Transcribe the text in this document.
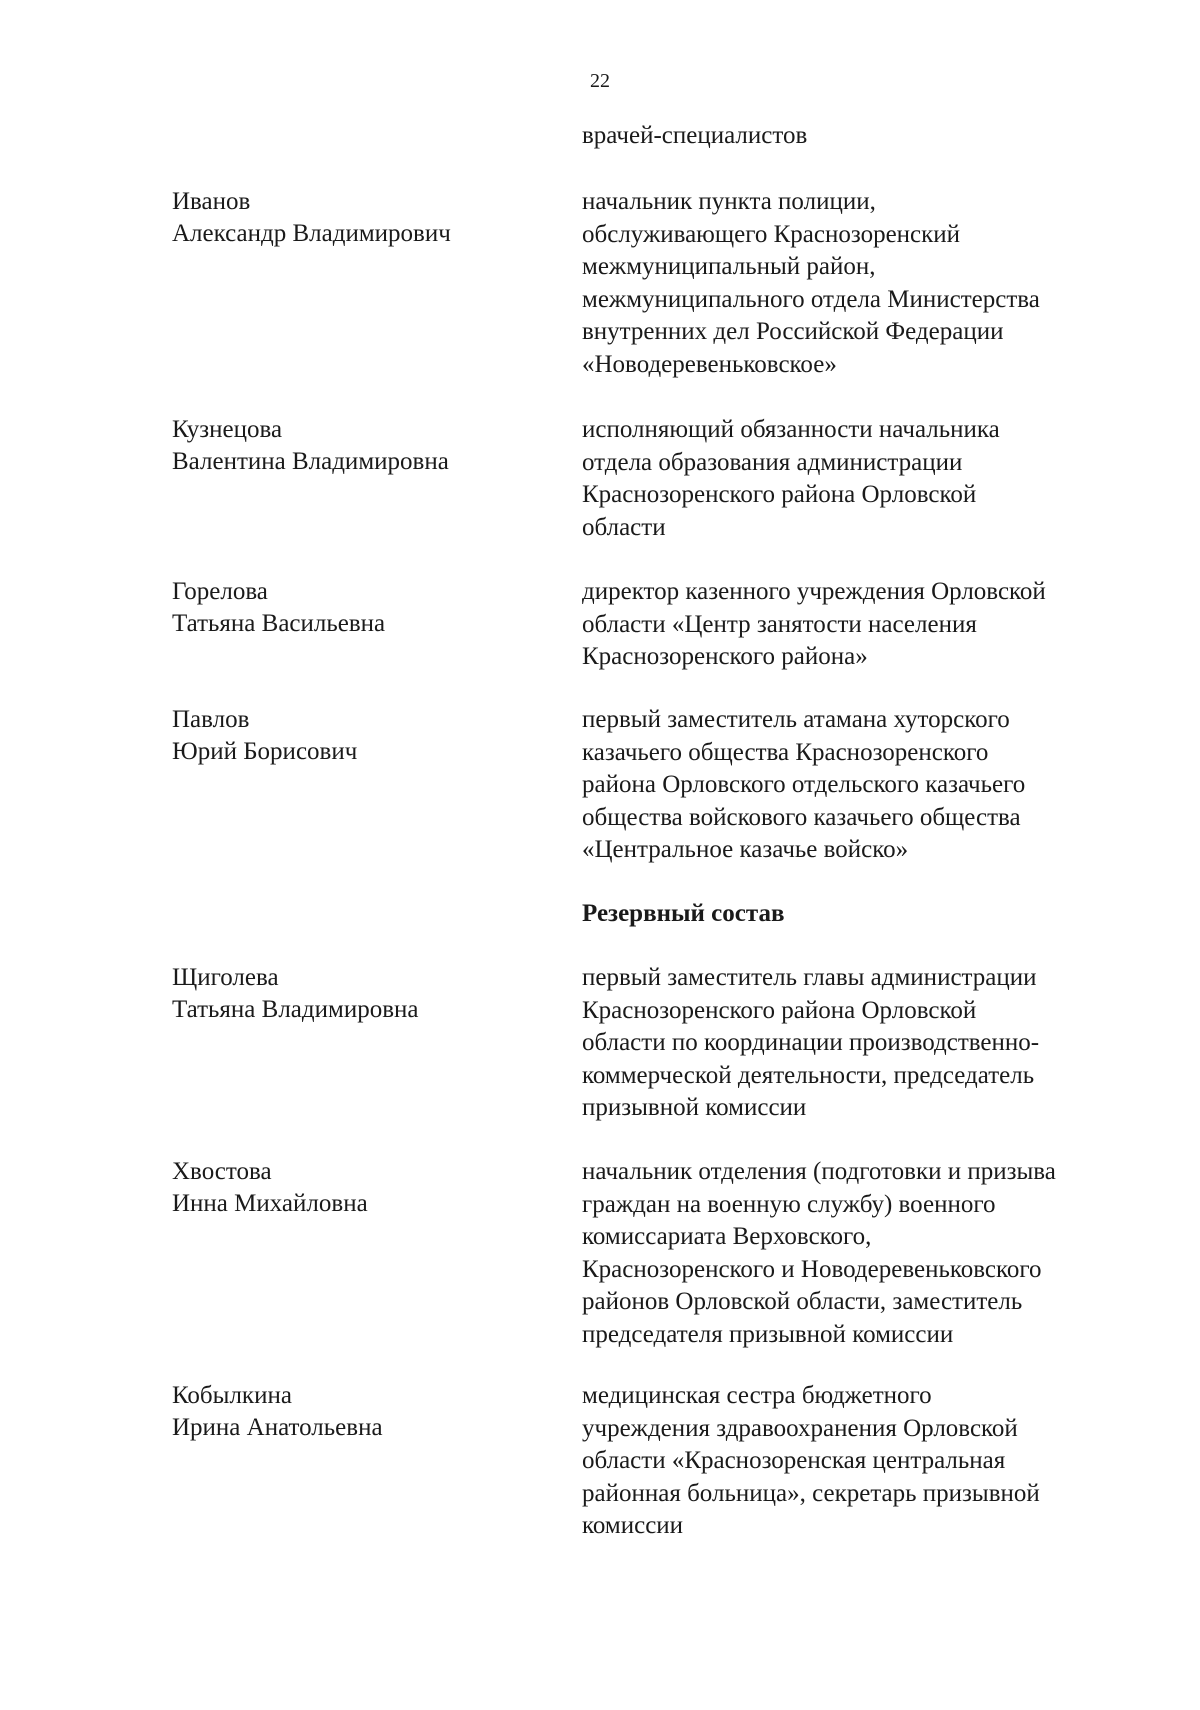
22

врачей-специалистов

Иванов

Александр Владимирович

начальник пункта полиции,
обслуживающего Краснозоренский
межмуниципальный район,
межмуниципального отдела Министерства
внутренних дел Российской Федерации
«Новодеревеньковское»

Кузнецова

Валентина Владимировна

исполняющий обязанности начальника
отдела образования администрации
Краснозоренского района Орловской
области

Горелова

Татьяна Васильевна

директор казенного учреждения Орловской
области «Центр занятости населения
Краснозоренского района»

Павлов

Юрий Борисович

первый заместитель атамана хуторского
казачьего общества Краснозоренского
района Орловского отдельского казачьего
общества войскового казачьего общества
«Центральное казачье войско»

Резервный состав

Щиголева

Татьяна Владимировна

первый заместитель главы администрации
Краснозоренского района Орловской
области по координации производственно-
коммерческой деятельности, председатель
призывной комиссии

Хвостова

Инна Михайловна

начальник отделения (подготовки и призыва
граждан на военную службу) военного
комиссариата Верховского,
Краснозоренского и Новодеревеньковского
районов Орловской области, заместитель
председателя призывной комиссии

Кобылкина

Ирина Анатольевна

медицинская сестра бюджетного
учреждения здравоохранения Орловской
области «Краснозоренская центральная
районная больница», секретарь призывной
комиссии
